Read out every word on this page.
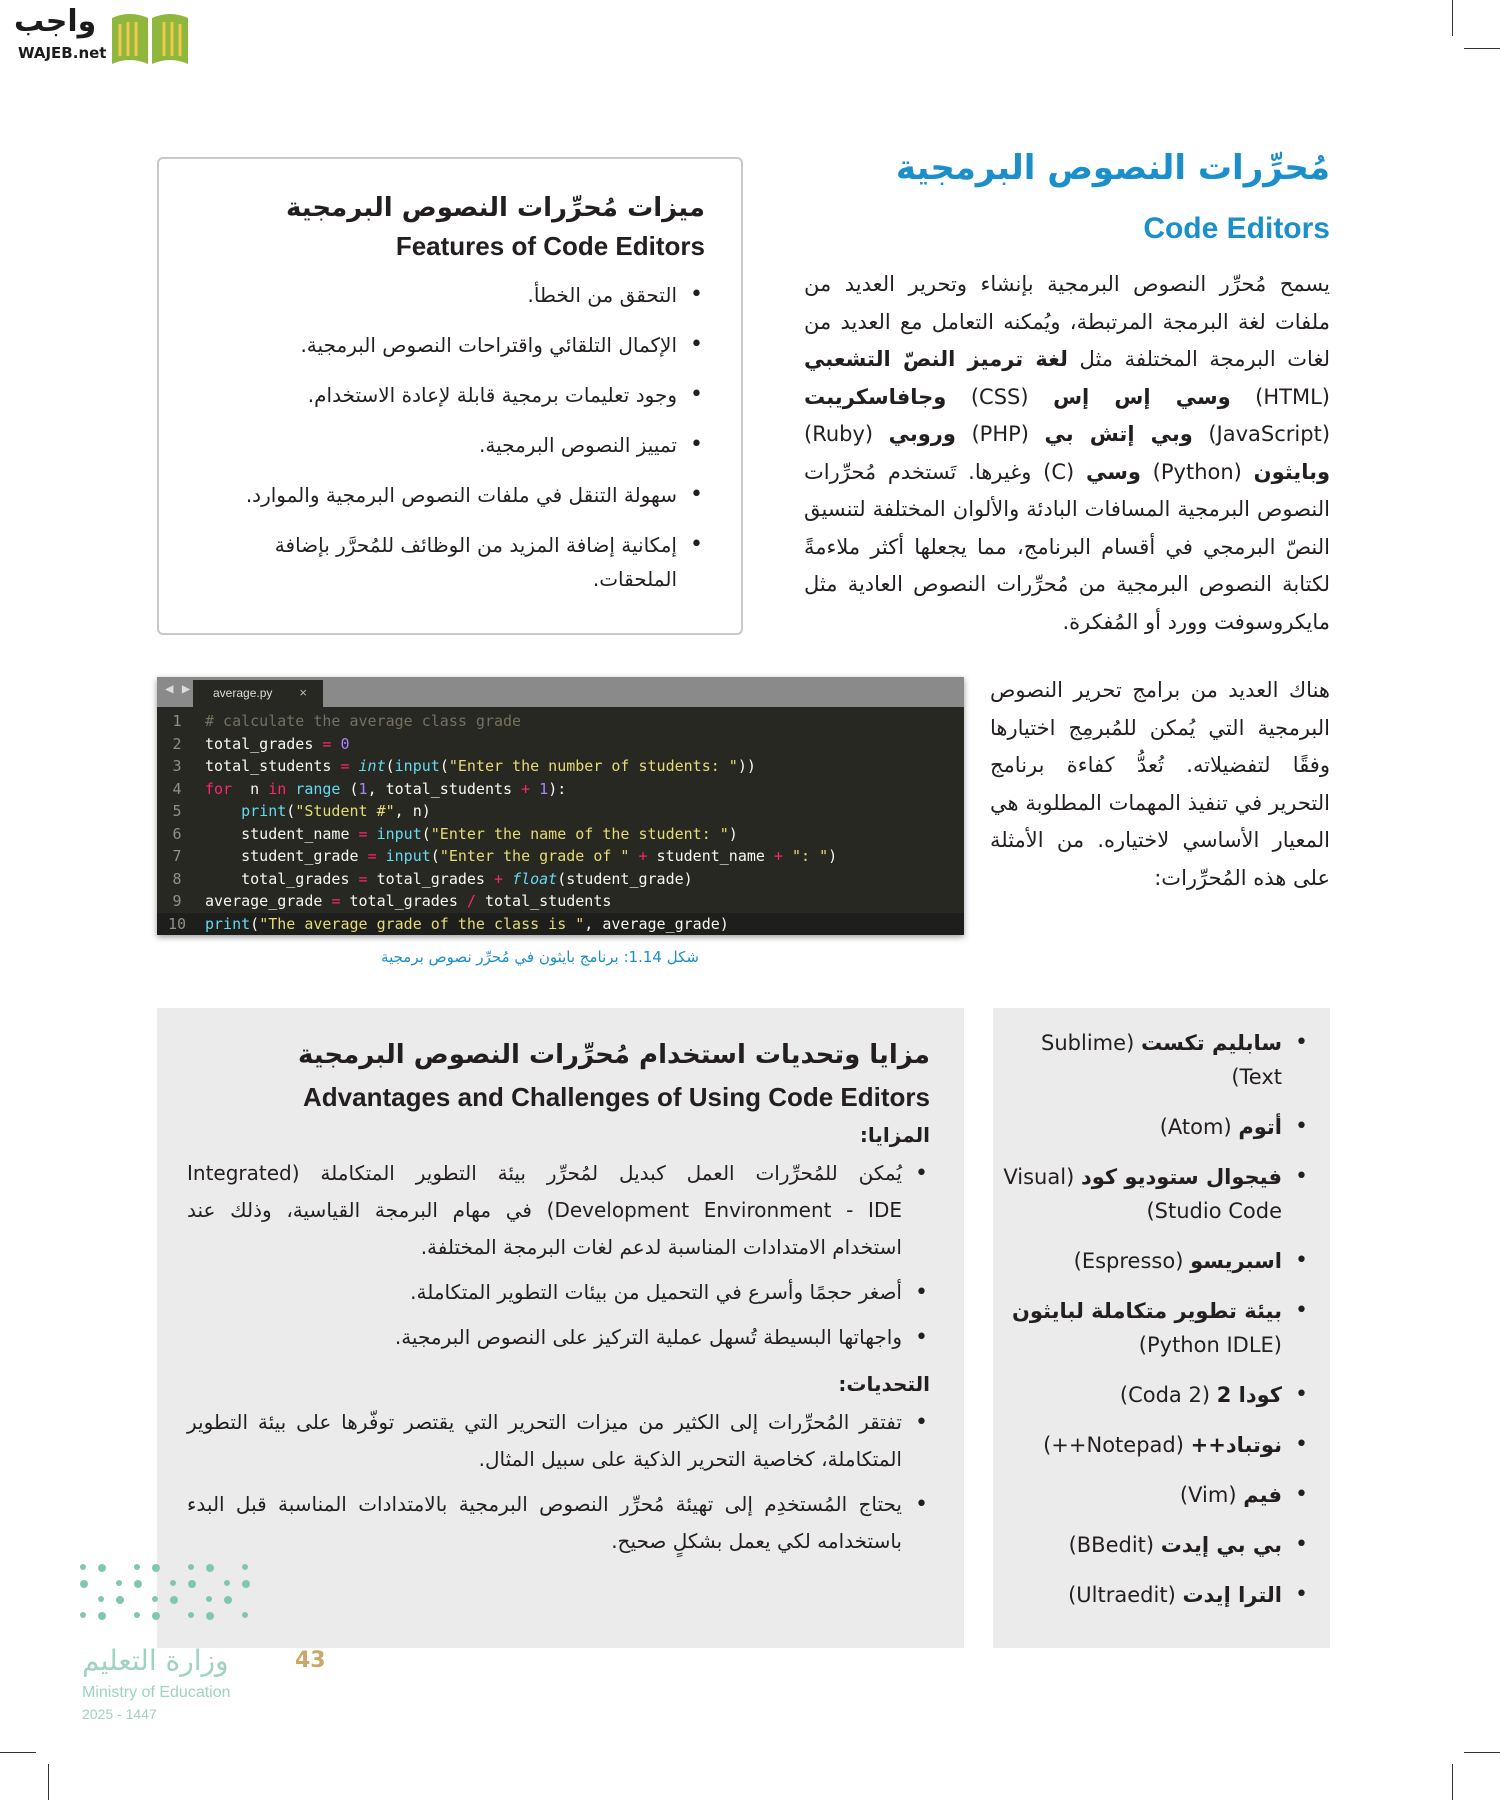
واجب
WAJEB.net
مُحرِّرات النصوص البرمجية
Code Editors

يسمح مُحرِّر النصوص البرمجية بإنشاء وتحرير العديد من ملفات لغة البرمجة المرتبطة، ويُمكنه التعامل مع العديد من لغات البرمجة المختلفة مثل لغة ترميز النصّ التشعبي (HTML) وسي إس إس (CSS) وجافاسكريبت (JavaScript) وبي إتش بي (PHP) وروبي (Ruby) وبايثون (Python) وسي (C) وغيرها. تَستخدم مُحرِّرات النصوص البرمجية المسافات البادئة والألوان المختلفة لتنسيق النصّ البرمجي في أقسام البرنامج، مما يجعلها أكثر ملاءمةً لكتابة النصوص البرمجية من مُحرِّرات النصوص العادية مثل مايكروسوفت وورد أو المُفكرة.

ميزات مُحرِّرات النصوص البرمجية
Features of Code Editors
• التحقق من الخطأ.
• الإكمال التلقائي واقتراحات النصوص البرمجية.
• وجود تعليمات برمجية قابلة لإعادة الاستخدام.
• تمييز النصوص البرمجية.
• سهولة التنقل في ملفات النصوص البرمجية والموارد.
• إمكانية إضافة المزيد من الوظائف للمُحرَّر بإضافة الملحقات.
◀ ▶	average.py ×
1	# calculate the average class grade
2	total_grades = 0
3	total_students = int(input("Enter the number of students: "))
4	for  n in range (1, total_students + 1):
5	print("Student #", n)
6	student_name = input("Enter the name of the student: ")
7	student_grade = input("Enter the grade of " + student_name + ": ")
8	total_grades = total_grades + float(student_grade)
9	average_grade = total_grades / total_students
10	print("The average grade of the class is ", average_grade)
شكل 1.14: برنامج بايثون في مُحرِّر نصوص برمجية

هناك العديد من برامج تحرير النصوص البرمجية التي يُمكن للمُبرمِج اختيارها وفقًا لتفضيلاته. تُعدُّ كفاءة برنامج التحرير في تنفيذ المهمات المطلوبة هي المعيار الأساسي لاختياره. من الأمثلة على هذه المُحرِّرات:

مزايا وتحديات استخدام مُحرِّرات النصوص البرمجية
Advantages and Challenges of Using Code Editors
المزايا:
• يُمكن للمُحرِّرات العمل كبديل لمُحرِّر بيئة التطوير المتكاملة (Integrated Development Environment - IDE) في مهام البرمجة القياسية، وذلك عند استخدام الامتدادات المناسبة لدعم لغات البرمجة المختلفة.
• أصغر حجمًا وأسرع في التحميل من بيئات التطوير المتكاملة.
• واجهاتها البسيطة تُسهل عملية التركيز على النصوص البرمجية.
التحديات:
• تفتقر المُحرِّرات إلى الكثير من ميزات التحرير التي يقتصر توفّرها على بيئة التطوير المتكاملة، كخاصية التحرير الذكية على سبيل المثال.
• يحتاج المُستخدِم إلى تهيئة مُحرِّر النصوص البرمجية بالامتدادات المناسبة قبل البدء باستخدامه لكي يعمل بشكلٍ صحيح.
• سابليم تكست (Sublime Text)
• أتوم (Atom)
• فيجوال ستوديو كود (Visual Studio Code)
• اسبريسو (Espresso)
• بيئة تطوير متكاملة لبايثون (Python IDLE)
• كودا 2 (Coda 2)
• نوتباد++ (Notepad++)
• فيم (Vim)
• بي بي إيدت (BBedit)
• الترا إيدت (Ultraedit)
وزارة التعليم	43
Ministry of Education
2025 - 1447
